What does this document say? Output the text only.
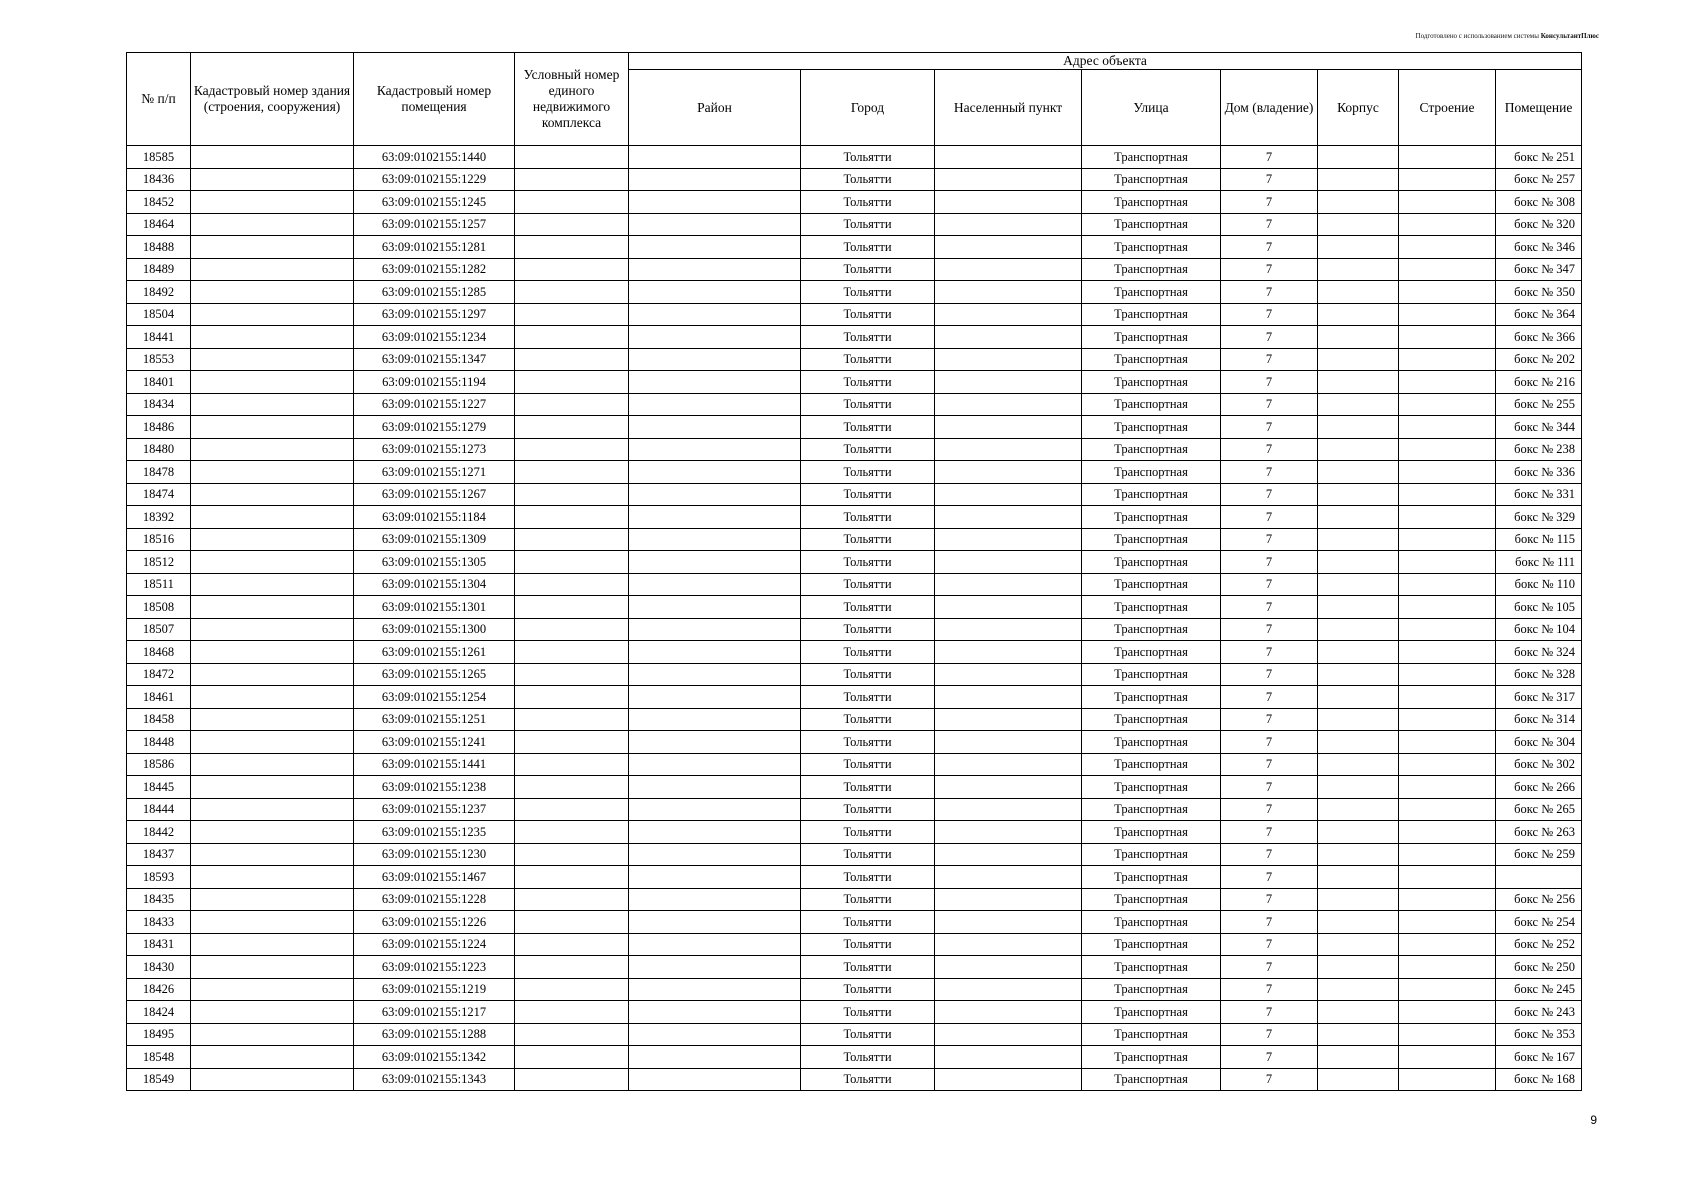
Подготовлено с использованием системы КонсультантПлюс
№ п/п	Кадастровый номер здания (строения, сооружения)	Кадастровый номер помещения	Условный номер единого недвижимого комплекса	Адрес объекта							
				Район	Город	Населенный пункт	Улица	Дом (владение)	Корпус	Строение	Помещение
18585		63:09:0102155:1440			Тольятти		Транспортная	7			бокс № 251
18436		63:09:0102155:1229			Тольятти		Транспортная	7			бокс № 257
18452		63:09:0102155:1245			Тольятти		Транспортная	7			бокс № 308
18464		63:09:0102155:1257			Тольятти		Транспортная	7			бокс № 320
18488		63:09:0102155:1281			Тольятти		Транспортная	7			бокс № 346
18489		63:09:0102155:1282			Тольятти		Транспортная	7			бокс № 347
18492		63:09:0102155:1285			Тольятти		Транспортная	7			бокс № 350
18504		63:09:0102155:1297			Тольятти		Транспортная	7			бокс № 364
18441		63:09:0102155:1234			Тольятти		Транспортная	7			бокс № 366
18553		63:09:0102155:1347			Тольятти		Транспортная	7			бокс № 202
18401		63:09:0102155:1194			Тольятти		Транспортная	7			бокс № 216
18434		63:09:0102155:1227			Тольятти		Транспортная	7			бокс № 255
18486		63:09:0102155:1279			Тольятти		Транспортная	7			бокс № 344
18480		63:09:0102155:1273			Тольятти		Транспортная	7			бокс № 238
18478		63:09:0102155:1271			Тольятти		Транспортная	7			бокс № 336
18474		63:09:0102155:1267			Тольятти		Транспортная	7			бокс № 331
18392		63:09:0102155:1184			Тольятти		Транспортная	7			бокс № 329
18516		63:09:0102155:1309			Тольятти		Транспортная	7			бокс № 115
18512		63:09:0102155:1305			Тольятти		Транспортная	7			бокс № 111
18511		63:09:0102155:1304			Тольятти		Транспортная	7			бокс № 110
18508		63:09:0102155:1301			Тольятти		Транспортная	7			бокс № 105
18507		63:09:0102155:1300			Тольятти		Транспортная	7			бокс № 104
18468		63:09:0102155:1261			Тольятти		Транспортная	7			бокс № 324
18472		63:09:0102155:1265			Тольятти		Транспортная	7			бокс № 328
18461		63:09:0102155:1254			Тольятти		Транспортная	7			бокс № 317
18458		63:09:0102155:1251			Тольятти		Транспортная	7			бокс № 314
18448		63:09:0102155:1241			Тольятти		Транспортная	7			бокс № 304
18586		63:09:0102155:1441			Тольятти		Транспортная	7			бокс № 302
18445		63:09:0102155:1238			Тольятти		Транспортная	7			бокс № 266
18444		63:09:0102155:1237			Тольятти		Транспортная	7			бокс № 265
18442		63:09:0102155:1235			Тольятти		Транспортная	7			бокс № 263
18437		63:09:0102155:1230			Тольятти		Транспортная	7			бокс № 259
18593		63:09:0102155:1467			Тольятти		Транспортная	7			
18435		63:09:0102155:1228			Тольятти		Транспортная	7			бокс № 256
18433		63:09:0102155:1226			Тольятти		Транспортная	7			бокс № 254
18431		63:09:0102155:1224			Тольятти		Транспортная	7			бокс № 252
18430		63:09:0102155:1223			Тольятти		Транспортная	7			бокс № 250
18426		63:09:0102155:1219			Тольятти		Транспортная	7			бокс № 245
18424		63:09:0102155:1217			Тольятти		Транспортная	7			бокс № 243
18495		63:09:0102155:1288			Тольятти		Транспортная	7			бокс № 353
18548		63:09:0102155:1342			Тольятти		Транспортная	7			бокс № 167
18549		63:09:0102155:1343			Тольятти		Транспортная	7			бокс № 168
9
